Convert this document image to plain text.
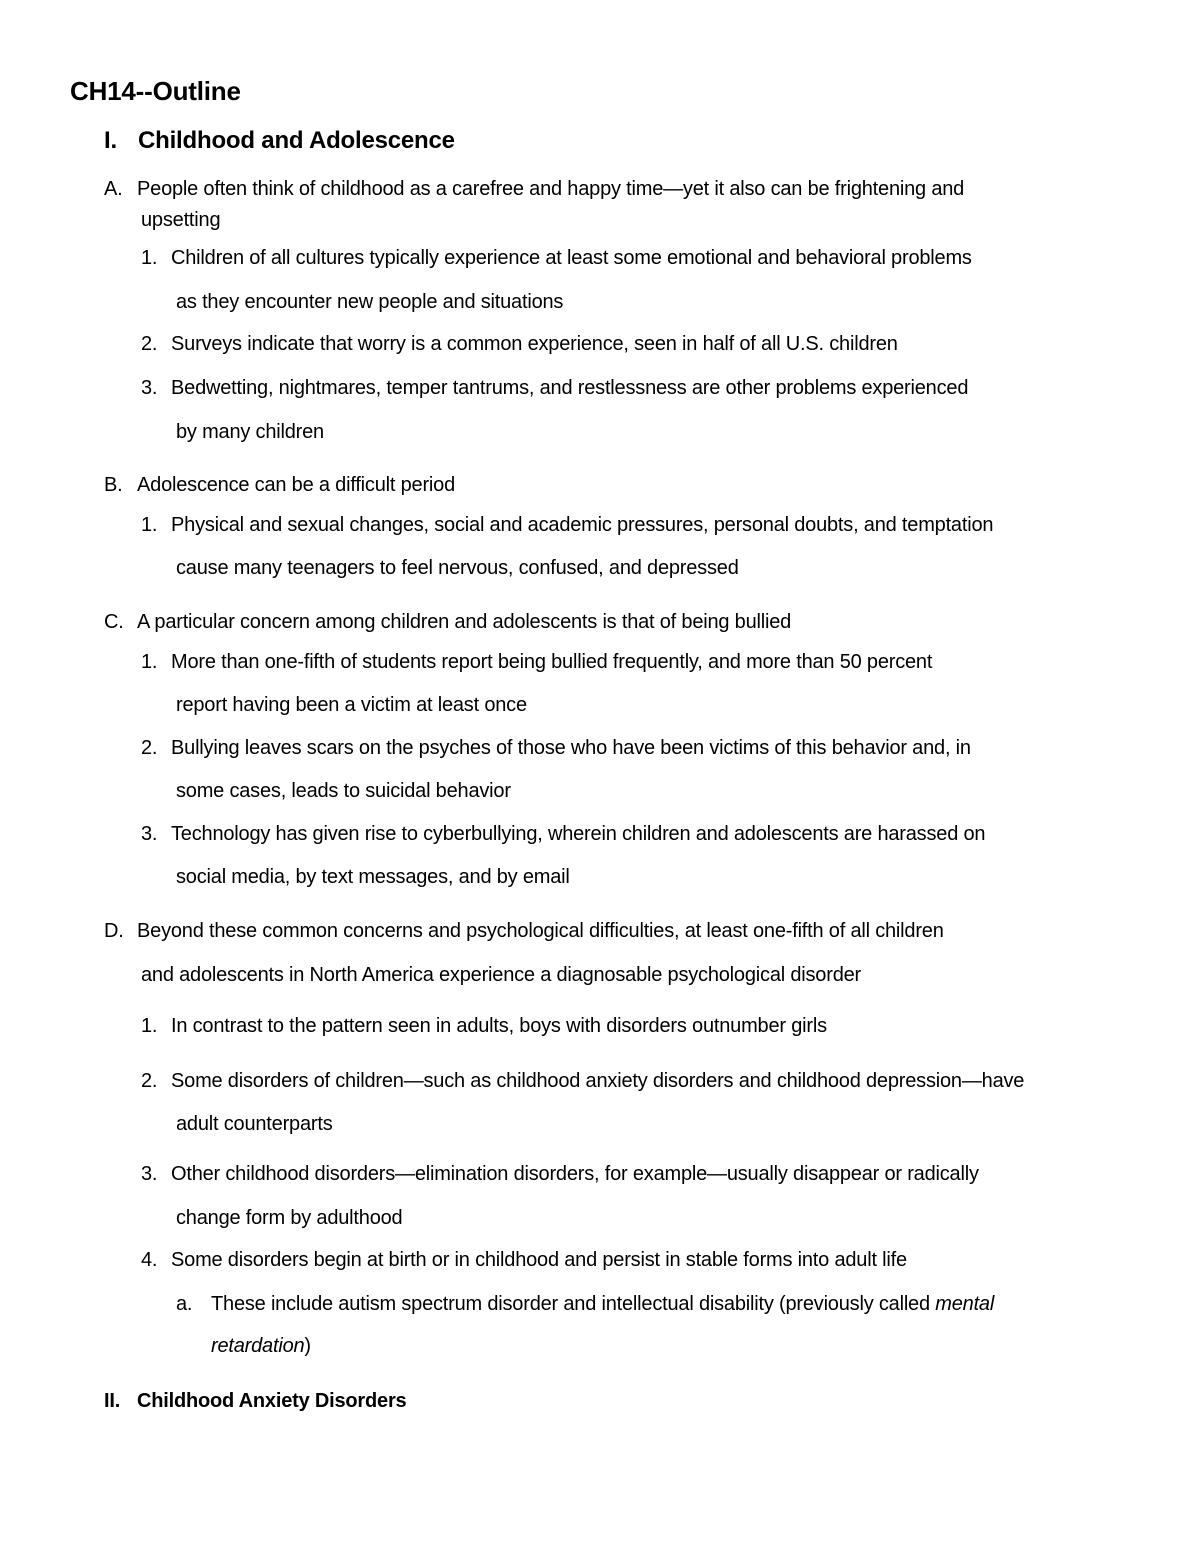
CH14--Outline
I. Childhood and Adolescence
A. People often think of childhood as a carefree and happy time—yet it also can be frightening and
upsetting
1. Children of all cultures typically experience at least some emotional and behavioral problems
as they encounter new people and situations
2. Surveys indicate that worry is a common experience, seen in half of all U.S. children
3. Bedwetting, nightmares, temper tantrums, and restlessness are other problems experienced
by many children
B. Adolescence can be a difficult period
1. Physical and sexual changes, social and academic pressures, personal doubts, and temptation
cause many teenagers to feel nervous, confused, and depressed
C. A particular concern among children and adolescents is that of being bullied
1. More than one-fifth of students report being bullied frequently, and more than 50 percent
report having been a victim at least once
2. Bullying leaves scars on the psyches of those who have been victims of this behavior and, in
some cases, leads to suicidal behavior
3. Technology has given rise to cyberbullying, wherein children and adolescents are harassed on
social media, by text messages, and by email
D. Beyond these common concerns and psychological difficulties, at least one-fifth of all children
and adolescents in North America experience a diagnosable psychological disorder
1. In contrast to the pattern seen in adults, boys with disorders outnumber girls
2. Some disorders of children—such as childhood anxiety disorders and childhood depression—have
adult counterparts
3. Other childhood disorders—elimination disorders, for example—usually disappear or radically
change form by adulthood
4. Some disorders begin at birth or in childhood and persist in stable forms into adult life
a. These include autism spectrum disorder and intellectual disability (previously called mental
retardation)
II. Childhood Anxiety Disorders
